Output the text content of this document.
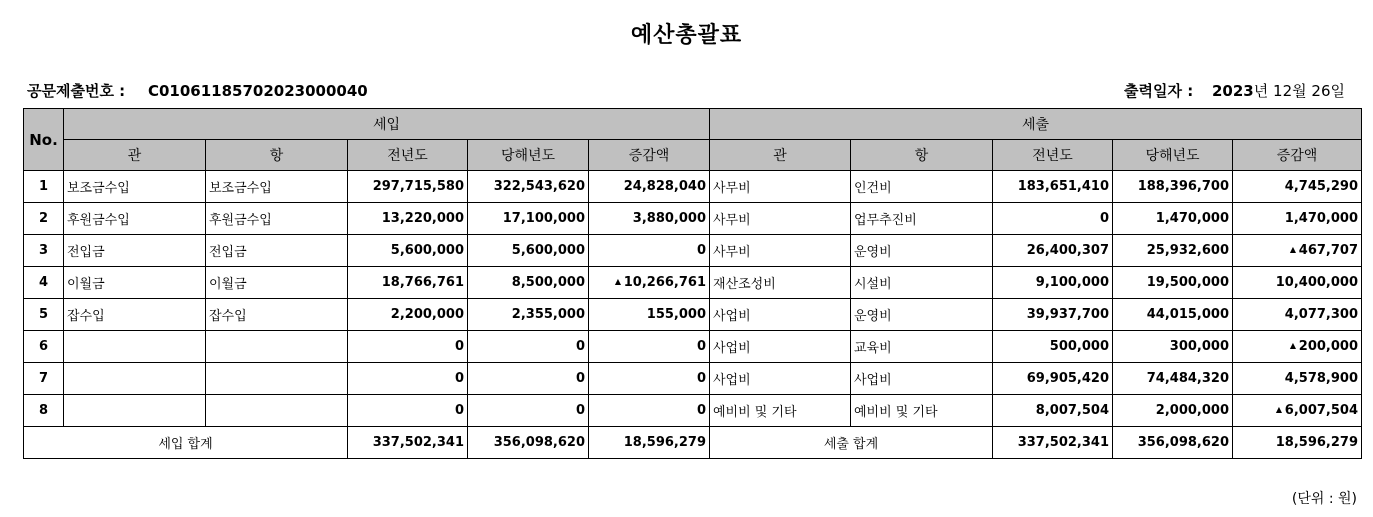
예산총괄표
공문제출번호 : C01061185702023000040	출력일자 : 2023년 12월 26일
No.	세입					세출				
	관	항	전년도	당해년도	증감액	관	항	전년도	당해년도	증감액
1	보조금수입	보조금수입	297,715,580	322,543,620	24,828,040	사무비	인건비	183,651,410	188,396,700	4,745,290
2	후원금수입	후원금수입	13,220,000	17,100,000	3,880,000	사무비	업무추진비	0	1,470,000	1,470,000
3	전입금	전입금	5,600,000	5,600,000	0	사무비	운영비	26,400,307	25,932,600	▲ 467,707
4	이월금	이월금	18,766,761	8,500,000	▲ 10,266,761	재산조성비	시설비	9,100,000	19,500,000	10,400,000
5	잡수입	잡수입	2,200,000	2,355,000	155,000	사업비	운영비	39,937,700	44,015,000	4,077,300
6			0	0	0	사업비	교육비	500,000	300,000	▲ 200,000
7			0	0	0	사업비	사업비	69,905,420	74,484,320	4,578,900
8			0	0	0	예비비 및 기타	예비비 및 기타	8,007,504	2,000,000	▲ 6,007,504
세입 합계			337,502,341	356,098,620	18,596,279	세출 합계		337,502,341	356,098,620	18,596,279
(단위 : 원)
